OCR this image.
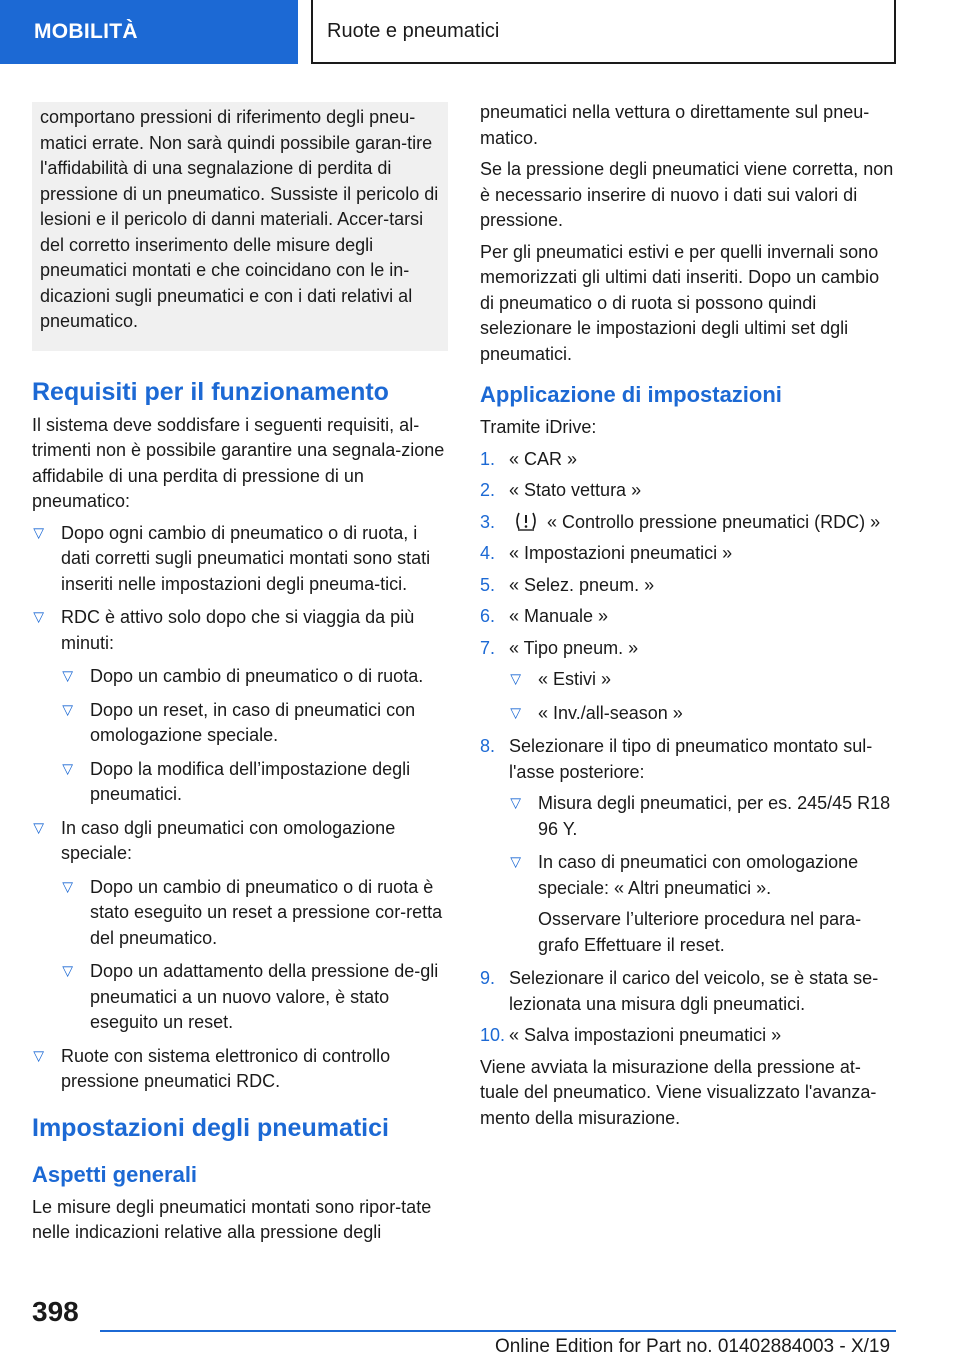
MOBILITÀ	Ruote e pneumatici

comportano pressioni di riferimento degli pneu-matici errate. Non sarà quindi possibile garan-tire l'affidabilità di una segnalazione di perdita di pressione di un pneumatico. Sussiste il pericolo di lesioni e il pericolo di danni materiali. Accer-tarsi del corretto inserimento delle misure degli pneumatici montati e che coincidano con le in-dicazioni sugli pneumatici e con i dati relativi al pneumatico.

Requisiti per il funzionamento

Il sistema deve soddisfare i seguenti requisiti, al-trimenti non è possibile garantire una segnala-zione affidabile di una perdita di pressione di un pneumatico:

▷ Dopo ogni cambio di pneumatico o di ruota, i dati corretti sugli pneumatici montati sono stati inseriti nelle impostazioni degli pneuma-tici.
▷ RDC è attivo solo dopo che si viaggia da più minuti:
▷ Dopo un cambio di pneumatico o di ruota.
▷ Dopo un reset, in caso di pneumatici con omologazione speciale.
▷ Dopo la modifica dell’impostazione degli pneumatici.
▷ In caso dgli pneumatici con omologazione speciale:
▷ Dopo un cambio di pneumatico o di ruota è stato eseguito un reset a pressione cor-retta del pneumatico.
▷ Dopo un adattamento della pressione de-gli pneumatici a un nuovo valore, è stato eseguito un reset.
▷ Ruote con sistema elettronico di controllo pressione pneumatici RDC.
Impostazioni degli pneumatici
Aspetti generali

Le misure degli pneumatici montati sono ripor-tate nelle indicazioni relative alla pressione degli

pneumatici nella vettura o direttamente sul pneu-matico.

Se la pressione degli pneumatici viene corretta, non è necessario inserire di nuovo i dati sui valori di pressione.

Per gli pneumatici estivi e per quelli invernali sono memorizzati gli ultimi dati inseriti. Dopo un cambio di pneumatico o di ruota si possono quindi selezionare le impostazioni degli ultimi set dgli pneumatici.

Applicazione di impostazioni

Tramite iDrive:

1. « CAR »
2. « Stato vettura »
3.	« Controllo pressione pneumatici (RDC) »
4. « Impostazioni pneumatici »
5. « Selez. pneum. »
6. « Manuale »
7. « Tipo pneum. »
▷ « Estivi »
▷ « Inv./all-season »
8. Selezionare il tipo di pneumatico montato sul-l'asse posteriore:
▷ Misura degli pneumatici, per es. 245/45 R18 96 Y.
▷ In caso di pneumatici con omologazione speciale: « Altri pneumatici ».
Osservare l’ulteriore procedura nel para-grafo Effettuare il reset.
9. Selezionare il carico del veicolo, se è stata se-lezionata una misura dgli pneumatici.
10. « Salva impostazioni pneumatici »

Viene avviata la misurazione della pressione at-tuale del pneumatico. Viene visualizzato l'avanza-mento della misurazione.

398
Online Edition for Part no. 01402884003 - X/19
